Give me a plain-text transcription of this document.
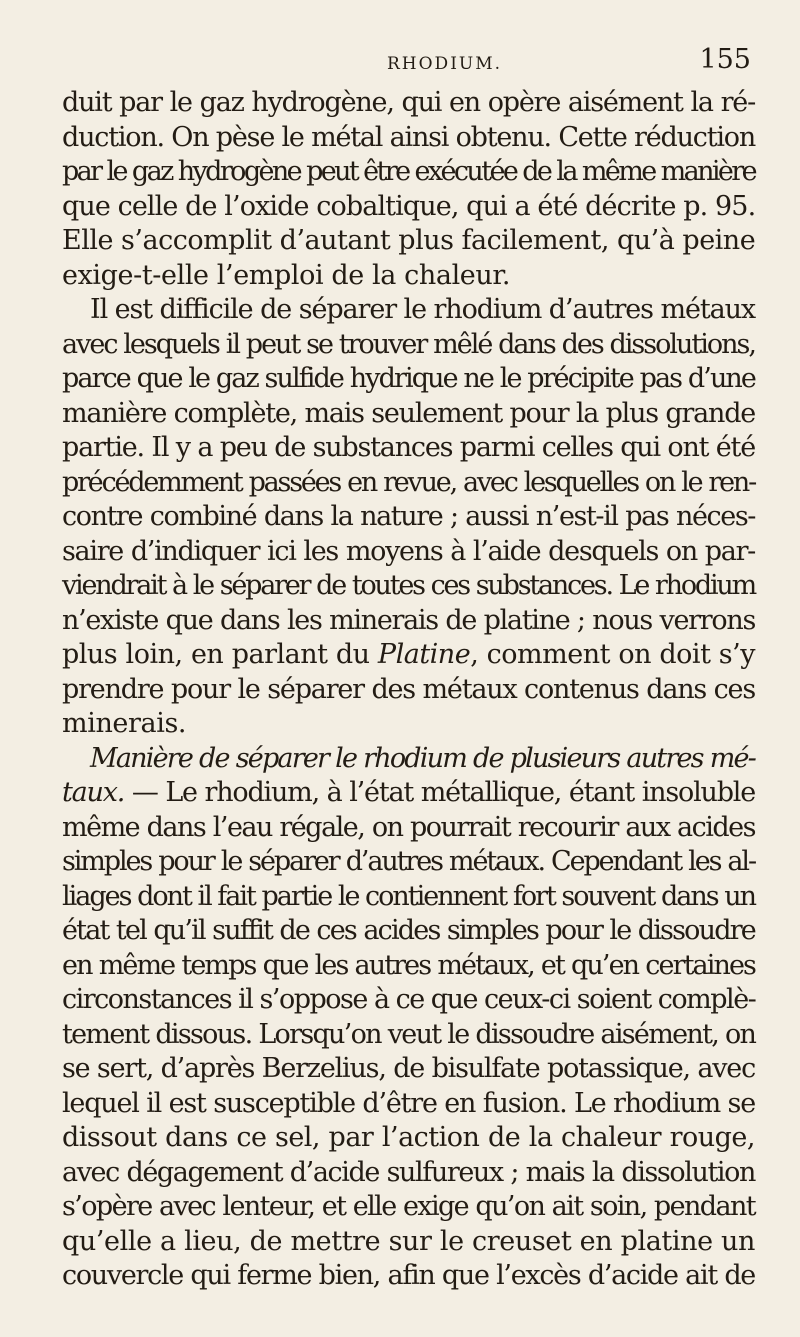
RHODIUM.	155
duit par le gaz hydrogène, qui en opère aisément la ré-
duction. On pèse le métal ainsi obtenu. Cette réduction
par le gaz hydrogène peut être exécutée de la même manière
que celle de l’oxide cobaltique, qui a été décrite p. 95.
Elle s’accomplit d’autant plus facilement, qu’à peine
exige-t-elle l’emploi de la chaleur.
Il est difficile de séparer le rhodium d’autres métaux
avec lesquels il peut se trouver mêlé dans des dissolutions,
parce que le gaz sulfide hydrique ne le précipite pas d’une
manière complète, mais seulement pour la plus grande
partie. Il y a peu de substances parmi celles qui ont été
précédemment passées en revue, avec lesquelles on le ren-
contre combiné dans la nature ; aussi n’est-il pas néces-
saire d’indiquer ici les moyens à l’aide desquels on par-
viendrait à le séparer de toutes ces substances. Le rhodium
n’existe que dans les minerais de platine ; nous verrons
plus loin, en parlant du Platine, comment on doit s’y
prendre pour le séparer des métaux contenus dans ces
minerais.
Manière de séparer le rhodium de plusieurs autres mé-
taux. — Le rhodium, à l’état métallique, étant insoluble
même dans l’eau régale, on pourrait recourir aux acides
simples pour le séparer d’autres métaux. Cependant les al-
liages dont il fait partie le contiennent fort souvent dans un
état tel qu’il suffit de ces acides simples pour le dissoudre
en même temps que les autres métaux, et qu’en certaines
circonstances il s’oppose à ce que ceux-ci soient complè-
tement dissous. Lorsqu’on veut le dissoudre aisément, on
se sert, d’après Berzelius, de bisulfate potassique, avec
lequel il est susceptible d’être en fusion. Le rhodium se
dissout dans ce sel, par l’action de la chaleur rouge,
avec dégagement d’acide sulfureux ; mais la dissolution
s’opère avec lenteur, et elle exige qu’on ait soin, pendant
qu’elle a lieu, de mettre sur le creuset en platine un
couvercle qui ferme bien, afin que l’excès d’acide ait de
